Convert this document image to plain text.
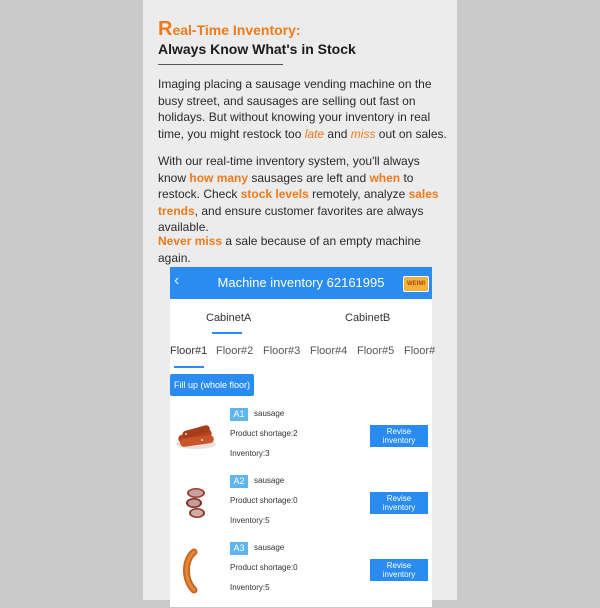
Real-Time Inventory:
Always Know What's in Stock
Imaging placing a sausage vending machine on the busy street, and sausages are selling out fast on holidays. But without knowing your inventory in real time, you might restock too late and miss out on sales.
With our real-time inventory system, you'll always know how many sausages are left and when to restock. Check stock levels remotely, analyze sales trends, and ensure customer favorites are always available.
Never miss a sale because of an empty machine again.
‹	Machine inventory 62161995	WEIMI
CabinetA	CabinetB
Floor#1 Floor#2 Floor#3 Floor#4 Floor#5 Floor#
Fill up (whole floor)
A1	sausage
Product shortage:2
Inventory:3
Revise inventory
A2	sausage
Product shortage:0
Inventory:5
Revise inventory
A3	sausage
Product shortage:0
Inventory:5
Revise inventory
